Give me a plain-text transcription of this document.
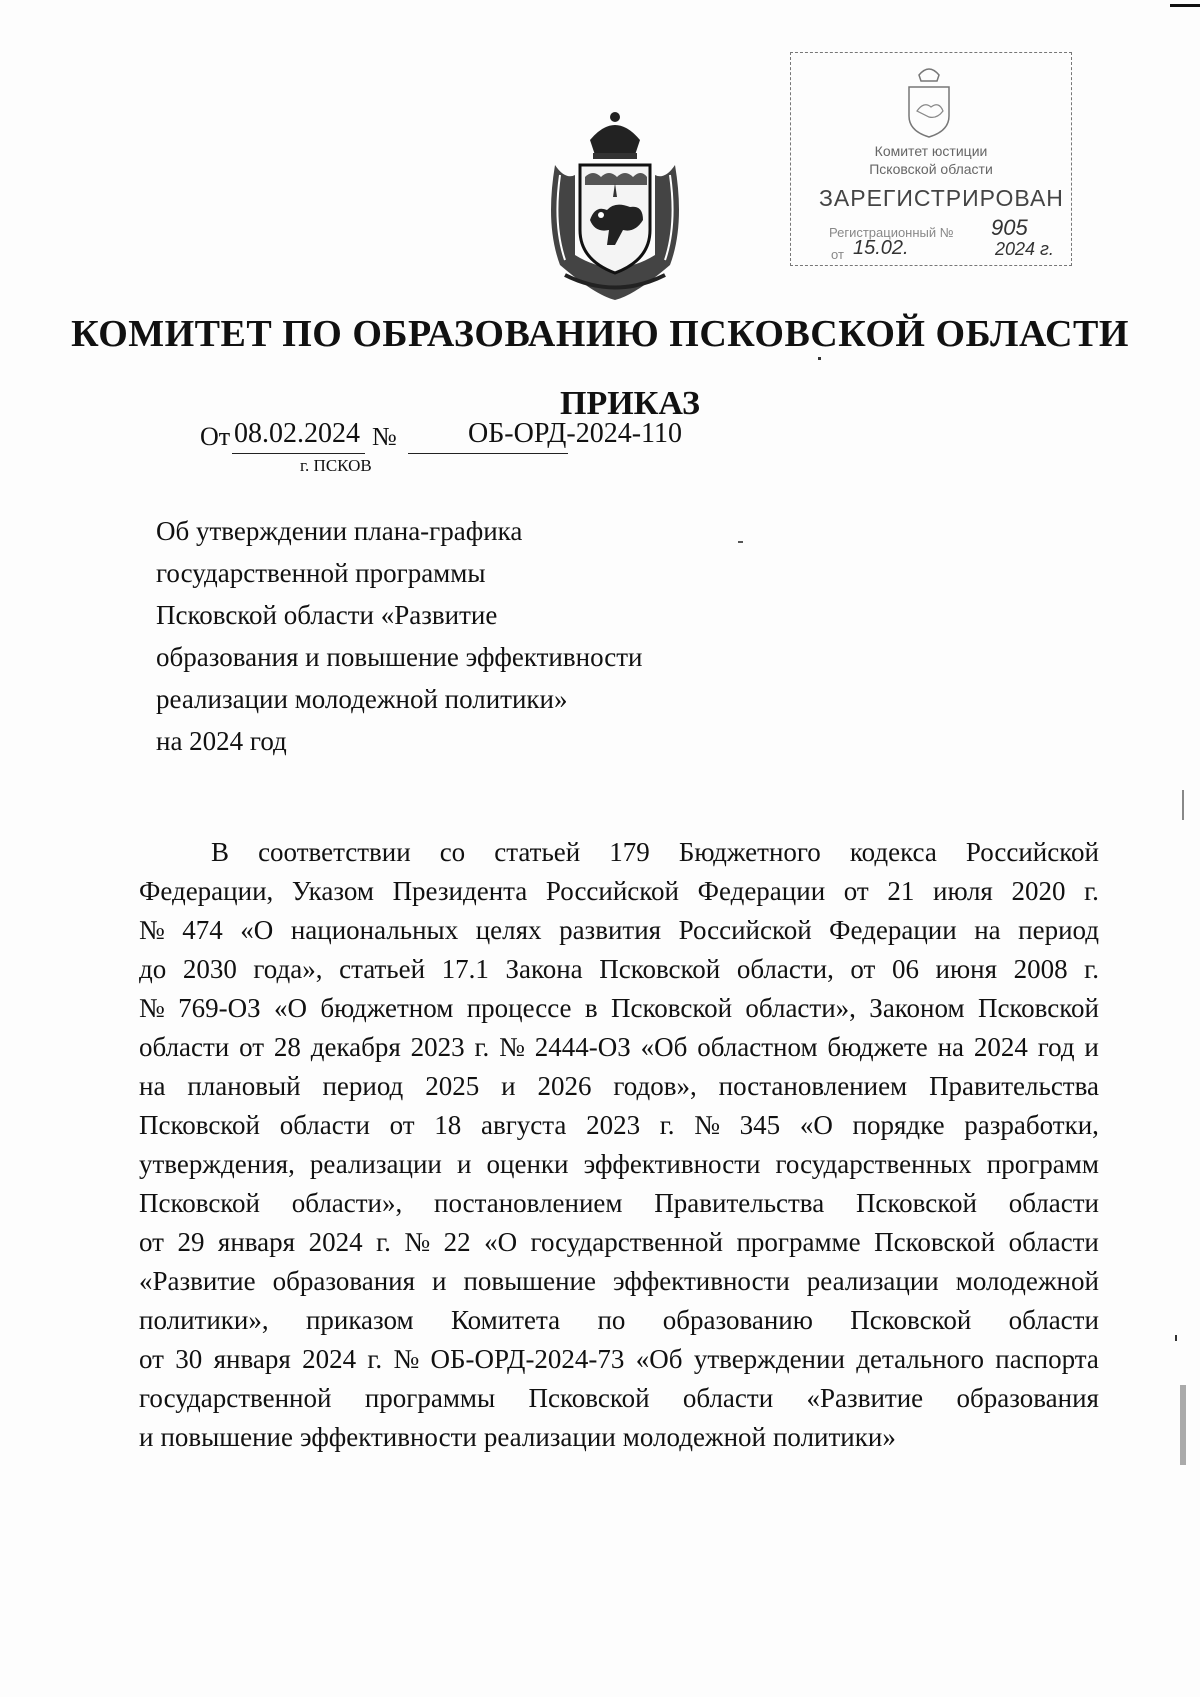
Комитет юстиции
Псковской области
ЗАРЕГИСТРИРОВАН
Регистрационный № 905
от 15.02.	2024 г.
КОМИТЕТ ПО ОБРАЗОВАНИЮ ПСКОВСКОЙ ОБЛАСТИ
ПРИКАЗ
От 08.02.2024 №	ОБ-ОРД-2024-110
г. ПСКОВ
Об утверждении плана-графика
государственной программы
Псковской области «Развитие
образования и повышение эффективности
реализации молодежной политики»
на 2024 год
В соответствии со статьей 179 Бюджетного кодекса Российской
Федерации, Указом Президента Российской Федерации от 21 июля 2020 г.
№ 474 «О национальных целях развития Российской Федерации на период
до 2030 года», статьей 17.1 Закона Псковской области, от 06 июня 2008 г.
№ 769-ОЗ «О бюджетном процессе в Псковской области», Законом Псковской
области от 28 декабря 2023 г. № 2444-ОЗ «Об областном бюджете на 2024 год и
на плановый период 2025 и 2026 годов», постановлением Правительства
Псковской области от 18 августа 2023 г. № 345 «О порядке разработки,
утверждения, реализации и оценки эффективности государственных программ
Псковской области», постановлением Правительства Псковской области
от 29 января 2024 г. № 22 «О государственной программе Псковской области
«Развитие образования и повышение эффективности реализации молодежной
политики», приказом Комитета по образованию Псковской области
от 30 января 2024 г. № ОБ-ОРД-2024-73 «Об утверждении детального паспорта
государственной программы Псковской области «Развитие образования
и повышение эффективности реализации молодежной политики»
